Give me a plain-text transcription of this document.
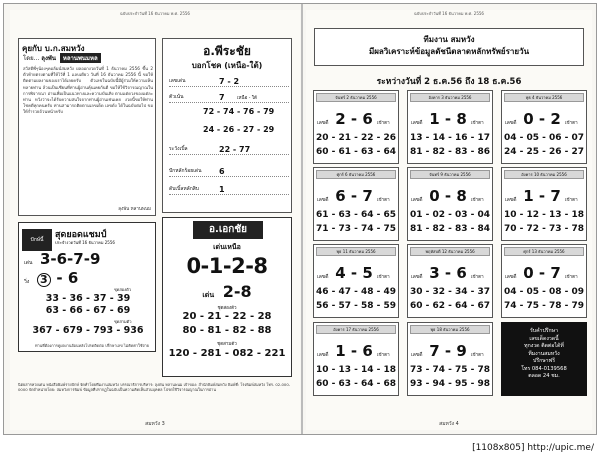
ฉบับประจำวันที่ 16 ธันวาคม พ.ศ. 2556
คุยกับ บ.ก.สมหวัง
โดย... ลุงพัน หลานพนมหล
สวัสดีพี่ๆน้องๆคอลัมน์สมหวัง ผลออกงวดวันที่ 1 ธันวาคม 2556 ขึ้น 2 ตัวท้ายตรงตามที่ให้ไว้ที่ 1 แลบเดียว วันที่ 16 ธันวาคม 2556 นี้ ขอให้ติดตามผลงานของเราได้เลยครับ ตัวเลขในฉบับนี้มีผู้ร่วมให้ความเห็นหลายท่าน ล้วนเป็นเซียนที่ท่านผู้อ่านคุ้นเคยกันดี ขอให้ใช้วิจารณญาณในการพิจารณา อ่านเพื่อเป็นแนวทางและความบันเทิง ตามแต่ดวงของแต่ละท่าน หวังว่าจะได้รับความสนใจจากท่านผู้อ่านเช่นเคย งวดนี้ขอให้ท่านโชคดีทุกคนครับ ท่านสามารถติดตามเลขเด็ด เลขดัง ได้ในฉบับต่อไป ขอให้ร่ำรวยถ้วนหน้าครับ
ลุงพัน หลานพนม
ปักษ์นี้	สุดยอดแชมป์
ประจำงวดวันที่ 16 ธันวาคม 2556
เด่น 3-6-7-9
วิ่ง 3 - 6
ชุดสองตัว
33 - 36 - 37 - 39
63 - 66 - 67 - 69
ชุดสามตัว
367 - 679 - 793 - 936
ท่านที่ต้องการดูผลงานย้อนหลังโปรดติดต่อ ปรึกษาเลข ไม่คิดค่าใช้จ่าย
อ.พีระชัย
บอกโชค (เหนือ-ใต้)
เลขเด่น	7 - 2
ตัวเน้น	7	เหนือ - ใต้
72 - 74 - 76 - 79
24 - 26 - 27 - 29
ระวังเบิ้ล	22 - 77
ปักหลักร้อยเด่น 6
ดับเบิ้ลหลักสิบ	1
อ.เอกชัย
เด่นเหนือ
0-1-2-8
เด่น 2-8
ชุดสองตัว
20 - 21 - 22 - 28
80 - 81 - 82 - 88
ชุดสามตัว
120 - 281 - 082 - 221
นิตยสารหวยเด่น หนังสือพิมพ์รายปักษ์ จัดทำโดยทีมงานสมหวัง บรรณาธิการบริหาร: ลุงพัน หลานพนม เจ้าของ: สำนักพิมพ์สมหวัง พิมพ์ที่: โรงพิมพ์สมหวัง โทร. 02-000-0000 จัดจำหน่ายโดย: สมหวังการพิมพ์ ข้อมูลที่ปรากฏในฉบับเป็นความคิดเห็นส่วนบุคคล โปรดใช้วิจารณญาณในการอ่าน
สมหวัง 3
ฉบับประจำวันที่ 16 ธันวาคม พ.ศ. 2556
ทีมงาน สมหวัง
มีผลวิเคราะห์ข้อมูลดัชนีตลาดหลักทรัพย์รายวัน
ระหว่างวันที่ 2 ธ.ค.56 ถึง 18 ธ.ค.56
จันทร์ 2 ธันวาคม 2556
เลขดี 2 - 6 เข้าตา
20 - 21 - 22 - 26
60 - 61 - 63 - 64
อังคาร 3 ธันวาคม 2556
เลขดี 1 - 8 เข้าตา
13 - 14 - 16 - 17
81 - 82 - 83 - 86
พุธ 4 ธันวาคม 2556
เลขดี 0 - 2 เข้าตา
04 - 05 - 06 - 07
24 - 25 - 26 - 27
ศุกร์ 6 ธันวาคม 2556
เลขดี 6 - 7 เข้าตา
61 - 63 - 64 - 65
71 - 73 - 74 - 75
จันทร์ 9 ธันวาคม 2556
เลขดี 0 - 8 เข้าตา
01 - 02 - 03 - 04
81 - 82 - 83 - 84
อังคาร 10 ธันวาคม 2556
เลขดี 1 - 7 เข้าตา
10 - 12 - 13 - 18
70 - 72 - 73 - 78
พุธ 11 ธันวาคม 2556
เลขดี 4 - 5 เข้าตา
46 - 47 - 48 - 49
56 - 57 - 58 - 59
พฤหัสบดี 12 ธันวาคม 2556
เลขดี 3 - 6 เข้าตา
30 - 32 - 34 - 37
60 - 62 - 64 - 67
ศุกร์ 13 ธันวาคม 2556
เลขดี 0 - 7 เข้าตา
04 - 05 - 08 - 09
74 - 75 - 78 - 79
อังคาร 17 ธันวาคม 2556
เลขดี 1 - 6 เข้าตา
10 - 13 - 14 - 18
60 - 63 - 64 - 68
พุธ 18 ธันวาคม 2556
เลขดี 7 - 9 เข้าตา
73 - 74 - 75 - 78
93 - 94 - 95 - 98
รับคำปรึกษา
เลขเด็ดงวดนี้
ทุกงวด ติดต่อได้ที่
ทีมงานสมหวัง
ปรึกษาฟรี
โทร 084-0139568
ตลอด 24 ชม.
สมหวัง 4
[1108x805] http://upic.me/
